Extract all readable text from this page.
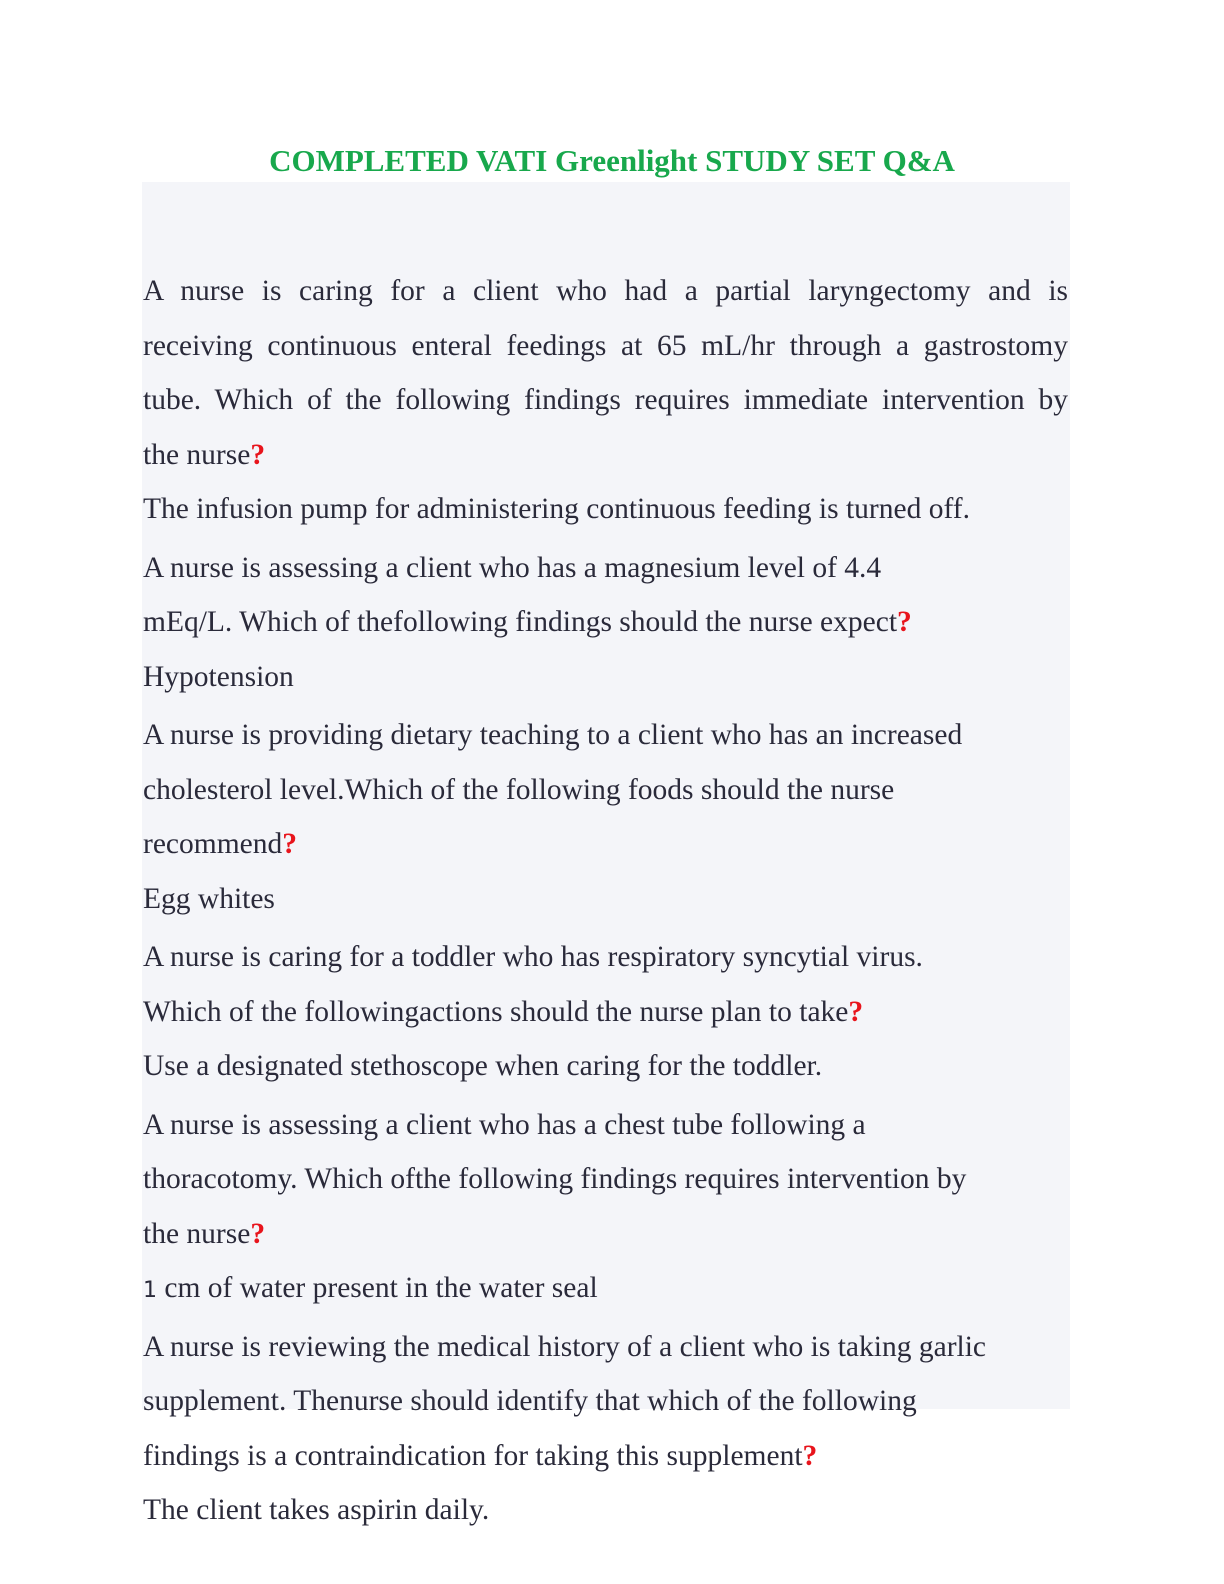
COMPLETED VATI Greenlight STUDY SET Q&A
A nurse is caring for a client who had a partial laryngectomy and is
receiving continuous enteral feedings at 65 mL/hr through a gastrostomy
tube. Which of the following findings requires immediate intervention by
the nurse?
The infusion pump for administering continuous feeding is turned off.
A nurse is assessing a client who has a magnesium level of 4.4
mEq/L. Which of thefollowing findings should the nurse expect?
Hypotension
A nurse is providing dietary teaching to a client who has an increased
cholesterol level.Which of the following foods should the nurse
recommend?
Egg whites
A nurse is caring for a toddler who has respiratory syncytial virus.
Which of the followingactions should the nurse plan to take?
Use a designated stethoscope when caring for the toddler.
A nurse is assessing a client who has a chest tube following a
thoracotomy. Which ofthe following findings requires intervention by
the nurse?
1 cm of water present in the water seal
A nurse is reviewing the medical history of a client who is taking garlic
supplement. Thenurse should identify that which of the following
findings is a contraindication for taking this supplement?
The client takes aspirin daily.
